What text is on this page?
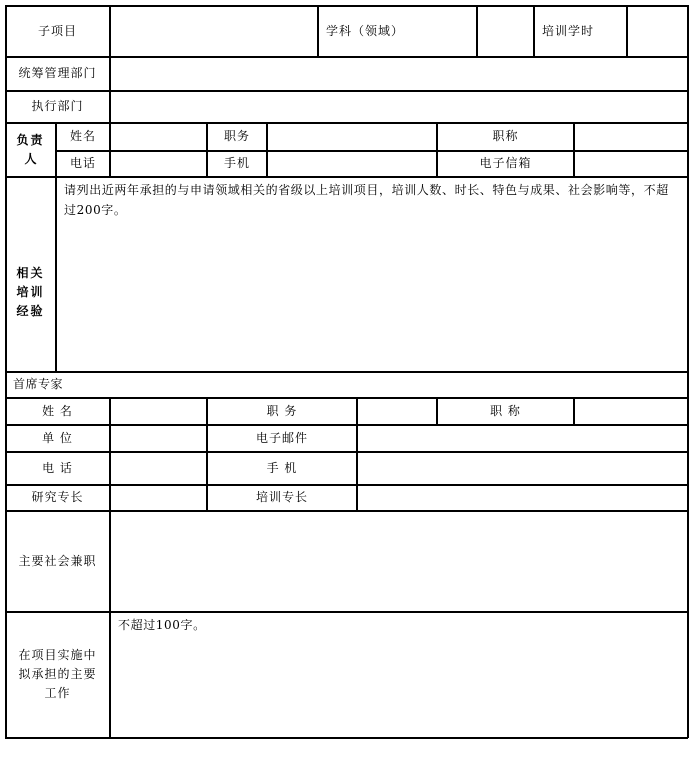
子项目	学科（领域）	培训学时
统筹管理部门
执行部门
负责
人
姓名	职务	职称
电话	手机	电子信箱
相关
培训
经验
请列出近两年承担的与申请领域相关的省级以上培训项目，培训人数、时长、特色与成果、社会影响等，不超过200字。
首席专家
姓 名	职 务	职 称
单 位	电子邮件
电 话	手 机
研究专长	培训专长
主要社会兼职
在项目实施中
拟承担的主要
工作
不超过100字。
